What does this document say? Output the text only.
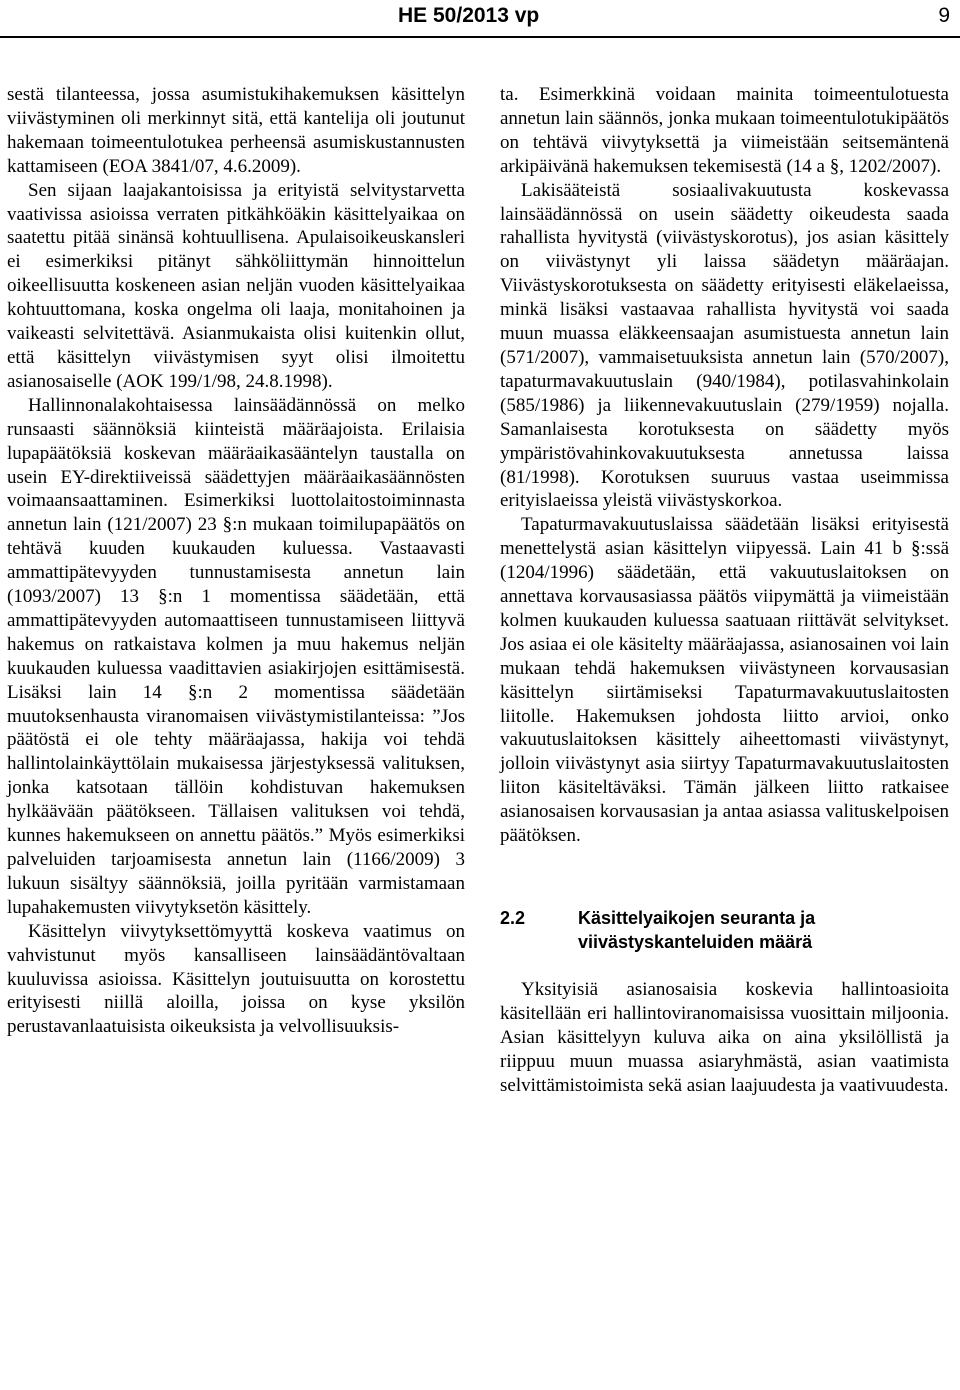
HE 50/2013 vp	9

sestä tilanteessa, jossa asumistukihakemuksen käsittelyn viivästyminen oli merkinnyt sitä, että kantelija oli joutunut hakemaan toimeentulotukea perheensä asumiskustannusten kattamiseen (EOA 3841/07, 4.6.2009).

Sen sijaan laajakantoisissa ja erityistä selvitystarvetta vaativissa asioissa verraten pitkähköäkin käsittelyaikaa on saatettu pitää sinänsä kohtuullisena. Apulaisoikeuskansleri ei esimerkiksi pitänyt sähköliittymän hinnoittelun oikeellisuutta koskeneen asian neljän vuoden käsittelyaikaa kohtuuttomana, koska ongelma oli laaja, monitahoinen ja vaikeasti selvitettävä. Asianmukaista olisi kuitenkin ollut, että käsittelyn viivästymisen syyt olisi ilmoitettu asianosaiselle (AOK 199/1/98, 24.8.1998).

Hallinnonalakohtaisessa lainsäädännössä on melko runsaasti säännöksiä kiinteistä määräajoista. Erilaisia lupapäätöksiä koskevan määräaikasääntelyn taustalla on usein EY-direktiiveissä säädettyjen määräaikasäännösten voimaansaattaminen. Esimerkiksi luottolaitostoiminnasta annetun lain (121/2007) 23 §:n mukaan toimilupapäätös on tehtävä kuuden kuukauden kuluessa. Vastaavasti ammattipätevyyden tunnustamisesta annetun lain (1093/2007) 13 §:n 1 momentissa säädetään, että ammattipätevyyden automaattiseen tunnustamiseen liittyvä hakemus on ratkaistava kolmen ja muu hakemus neljän kuukauden kuluessa vaadittavien asiakirjojen esittämisestä. Lisäksi lain 14 §:n 2 momentissa säädetään muutoksenhausta viranomaisen viivästymistilanteissa: ”Jos päätöstä ei ole tehty määräajassa, hakija voi tehdä hallintolainkäyttölain mukaisessa järjestyksessä valituksen, jonka katsotaan tällöin kohdistuvan hakemuksen hylkäävään päätökseen. Tällaisen valituksen voi tehdä, kunnes hakemukseen on annettu päätös.” Myös esimerkiksi palveluiden tarjoamisesta annetun lain (1166/2009) 3 lukuun sisältyy säännöksiä, joilla pyritään varmistamaan lupahakemusten viivytyksetön käsittely.

Käsittelyn viivytyksettömyyttä koskeva vaatimus on vahvistunut myös kansalliseen lainsäädäntövaltaan kuuluvissa asioissa. Käsittelyn joutuisuutta on korostettu erityisesti niillä aloilla, joissa on kyse yksilön perustavanlaatuisista oikeuksista ja velvollisuuksis-

ta. Esimerkkinä voidaan mainita toimeentulotuesta annetun lain säännös, jonka mukaan toimeentulotukipäätös on tehtävä viivytyksettä ja viimeistään seitsemäntenä arkipäivänä hakemuksen tekemisestä (14 a §, 1202/2007).

Lakisääteistä sosiaalivakuutusta koskevassa lainsäädännössä on usein säädetty oikeudesta saada rahallista hyvitystä (viivästyskorotus), jos asian käsittely on viivästynyt yli laissa säädetyn määräajan. Viivästyskorotuksesta on säädetty erityisesti eläkelaeissa, minkä lisäksi vastaavaa rahallista hyvitystä voi saada muun muassa eläkkeensaajan asumistuesta annetun lain (571/2007), vammaisetuuksista annetun lain (570/2007), tapaturmavakuutuslain (940/1984), potilasvahinkolain (585/1986) ja liikennevakuutuslain (279/1959) nojalla. Samanlaisesta korotuksesta on säädetty myös ympäristövahinkovakuutuksesta annetussa laissa (81/1998). Korotuksen suuruus vastaa useimmissa erityislaeissa yleistä viivästyskorkoa.

Tapaturmavakuutuslaissa säädetään lisäksi erityisestä menettelystä asian käsittelyn viipyessä. Lain 41 b §:ssä (1204/1996) säädetään, että vakuutuslaitoksen on annettava korvausasiassa päätös viipymättä ja viimeistään kolmen kuukauden kuluessa saatuaan riittävät selvitykset. Jos asiaa ei ole käsitelty määräajassa, asianosainen voi lain mukaan tehdä hakemuksen viivästyneen korvausasian käsittelyn siirtämiseksi Tapaturmavakuutuslaitosten liitolle. Hakemuksen johdosta liitto arvioi, onko vakuutuslaitoksen käsittely aiheettomasti viivästynyt, jolloin viivästynyt asia siirtyy Tapaturmavakuutuslaitosten liiton käsiteltäväksi. Tämän jälkeen liitto ratkaisee asianosaisen korvausasian ja antaa asiassa valituskelpoisen päätöksen.

2.2	Käsittelyaikojen seuranta ja viivästyskanteluiden määrä

Yksityisiä asianosaisia koskevia hallintoasioita käsitellään eri hallintoviranomaisissa vuosittain miljoonia. Asian käsittelyyn kuluva aika on aina yksilöllistä ja riippuu muun muassa asiaryhmästä, asian vaatimista selvittämistoimista sekä asian laajuudesta ja vaativuudesta.
